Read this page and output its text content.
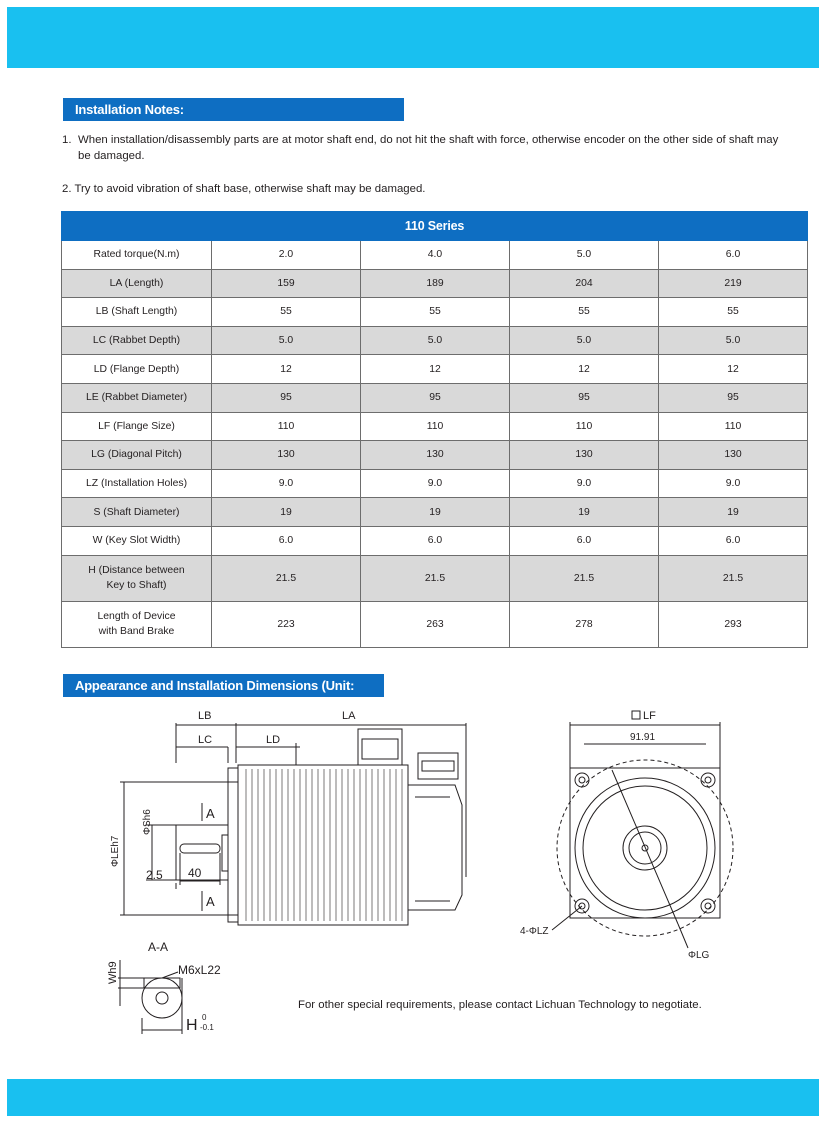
Installation Notes:
1. When installation/disassembly parts are at motor shaft end, do not hit the shaft with force, otherwise encoder on the other side of shaft may be damaged.
2. Try to avoid vibration of shaft base, otherwise shaft may be damaged.
110 Series				
Rated torque(N.m)	2.0	4.0	5.0	6.0
LA (Length)	159	189	204	219
LB (Shaft Length)	55	55	55	55
LC (Rabbet Depth)	5.0	5.0	5.0	5.0
LD (Flange Depth)	12	12	12	12
LE (Rabbet Diameter)	95	95	95	95
LF (Flange Size)	110	110	110	110
LG (Diagonal Pitch)	130	130	130	130
LZ (Installation Holes)	9.0	9.0	9.0	9.0
S (Shaft Diameter)	19	19	19	19
W (Key Slot Width)	6.0	6.0	6.0	6.0

H (Distance between
Key to Shaft)	21.5	21.5	21.5	21.5

Length of Device
with Band Brake	223	263	278	293
Appearance and Installation Dimensions (Unit: mm)	LB	LA
LC	LD
ΦLEh7
ΦSh6	A
A
2.5 40
LF
91.91
4-ΦLZ
ΦLG
A-A
Wh9	M6xL22
H 0
-0.1
For other special requirements, please contact Lichuan Technology to negotiate.
